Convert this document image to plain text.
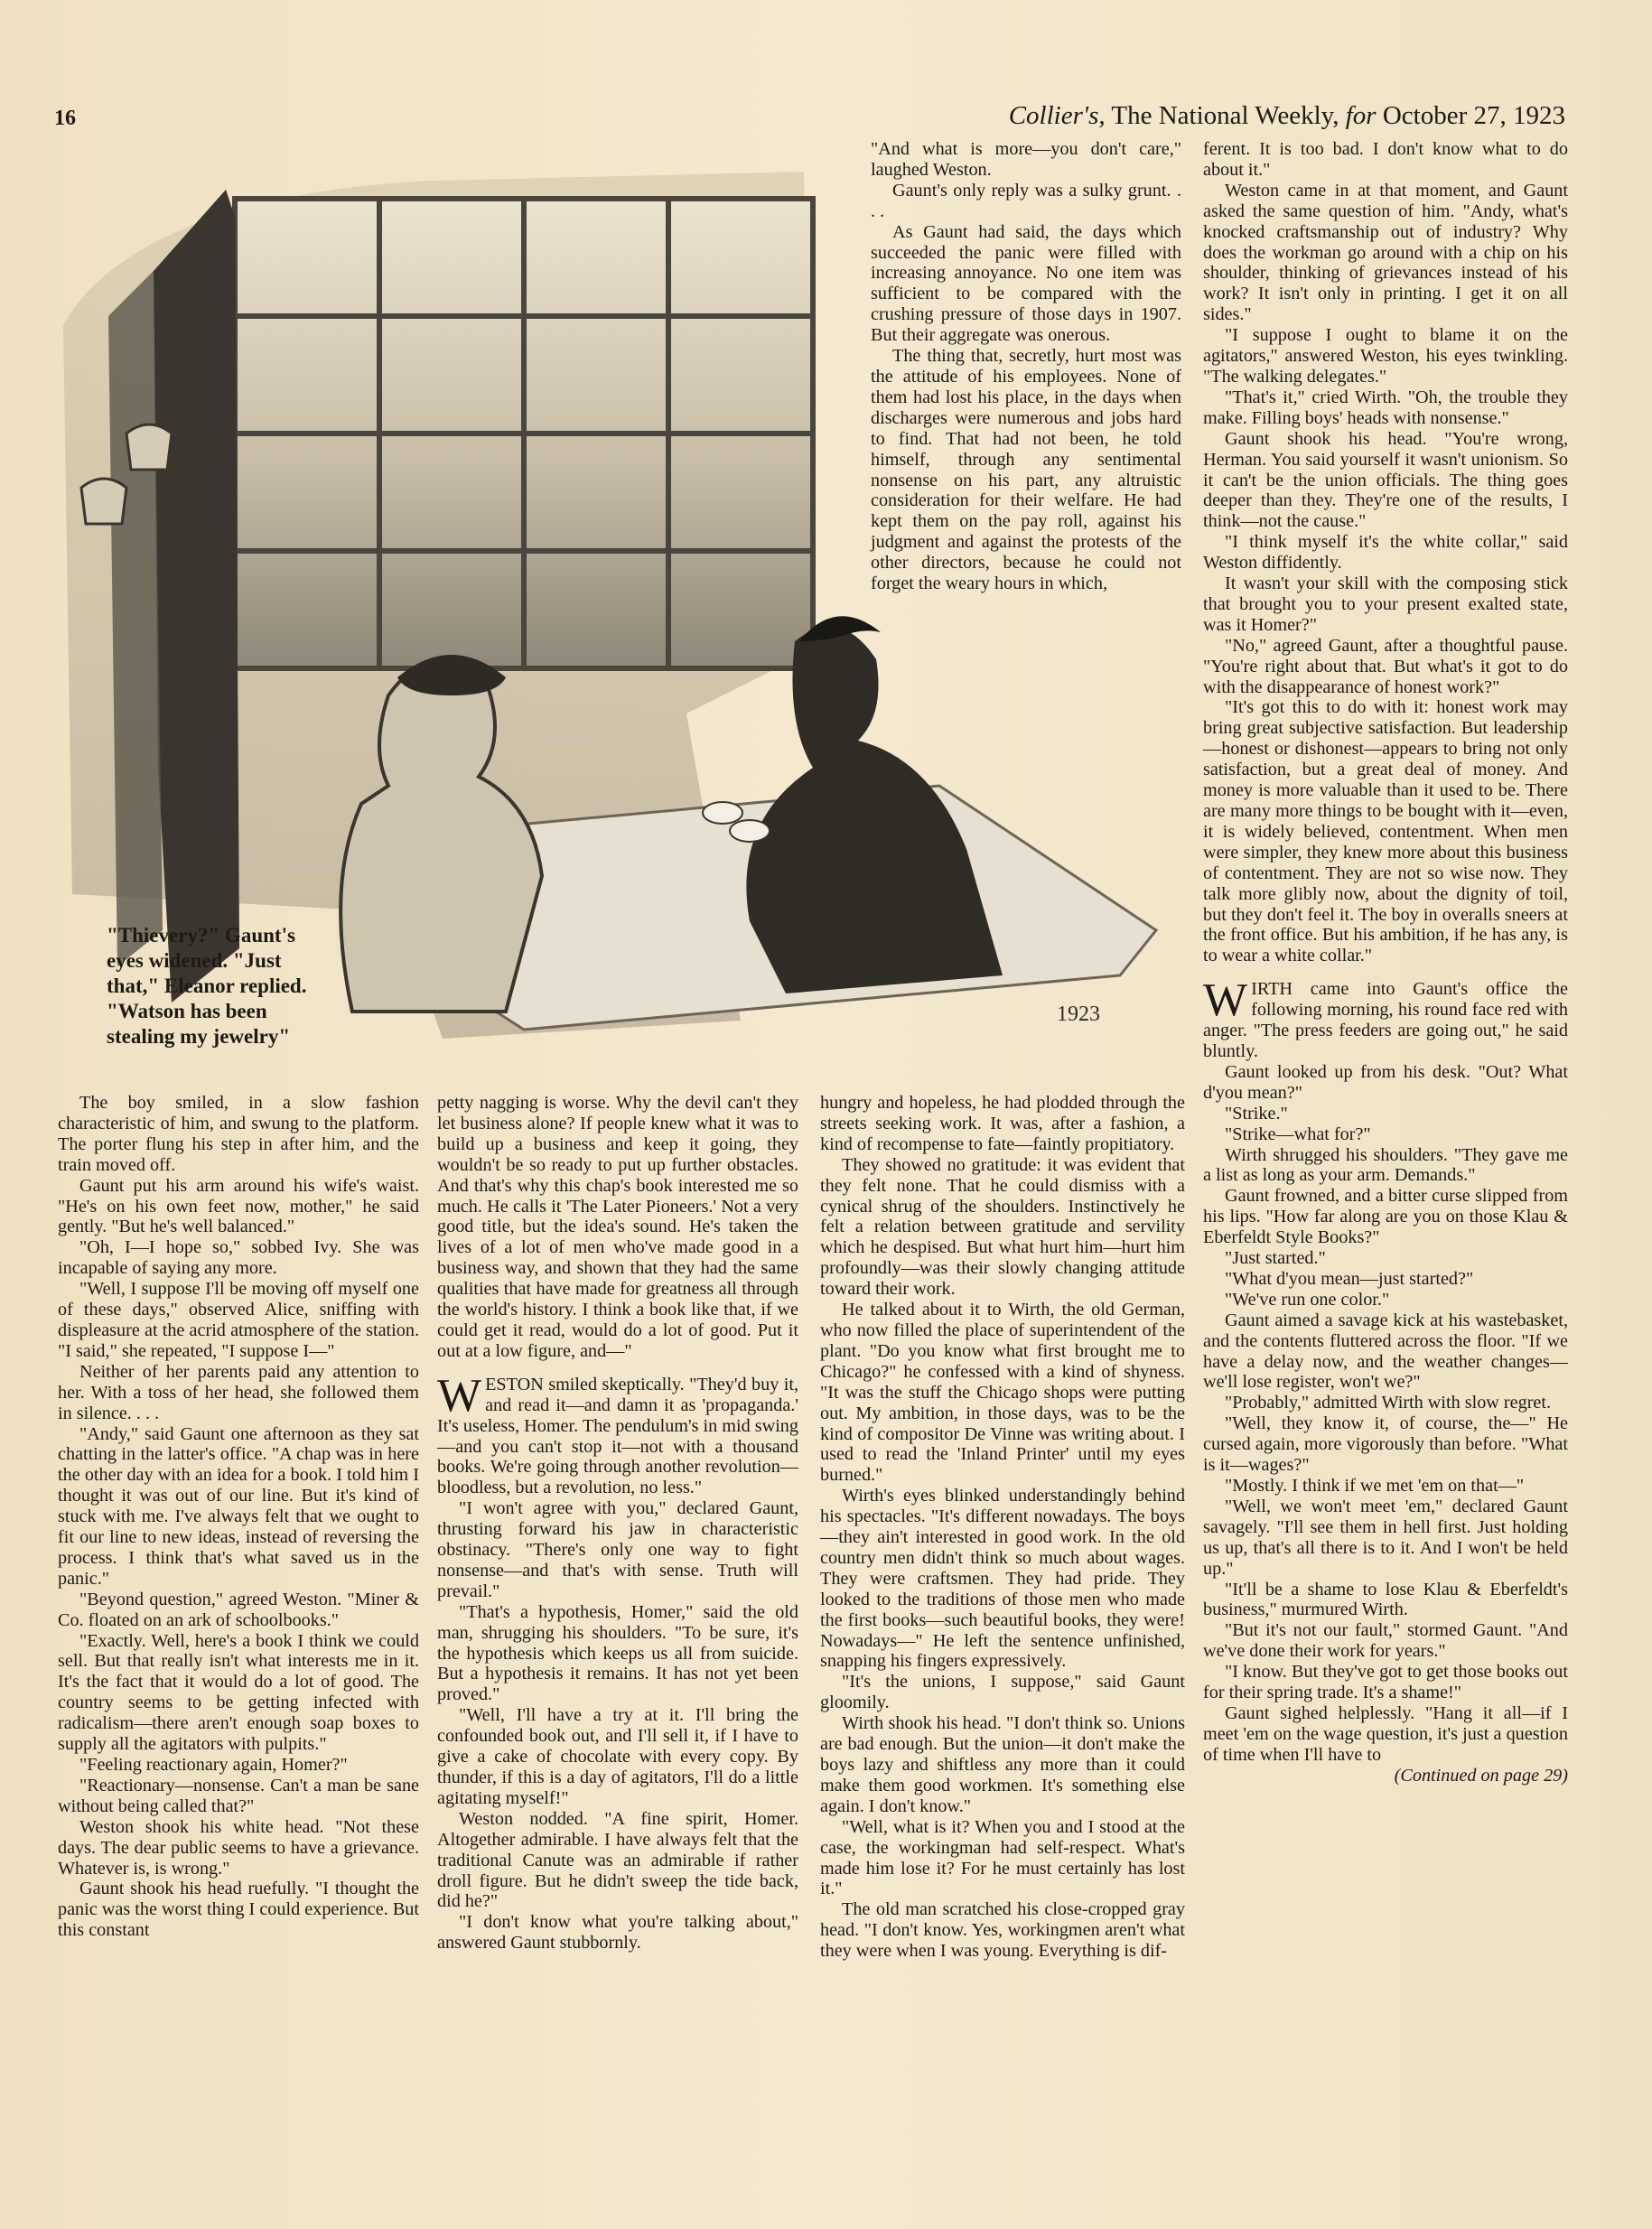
16	Collier's, The National Weekly, for October 27, 1923
1923

"Thievery?" Gaunt's eyes widened. "Just that," Eleanor replied. "Watson has been stealing my jewelry"

"And what is more—you don't care," laughed Weston.

Gaunt's only reply was a sulky grunt. . . .

As Gaunt had said, the days which succeeded the panic were filled with increasing annoyance. No one item was sufficient to be compared with the crushing pressure of those days in 1907. But their aggregate was onerous.

The thing that, secretly, hurt most was the attitude of his employees. None of them had lost his place, in the days when discharges were numerous and jobs hard to find. That had not been, he told himself, through any sentimental nonsense on his part, any altruistic consideration for their welfare. He had kept them on the pay roll, against his judgment and against the protests of the other directors, because he could not forget the weary hours in which,

ferent. It is too bad. I don't know what to do about it."

Weston came in at that moment, and Gaunt asked the same question of him. "Andy, what's knocked craftsmanship out of industry? Why does the workman go around with a chip on his shoulder, thinking of grievances instead of his work? It isn't only in printing. I get it on all sides."

"I suppose I ought to blame it on the agitators," answered Weston, his eyes twinkling. "The walking delegates."

"That's it," cried Wirth. "Oh, the trouble they make. Filling boys' heads with nonsense."

Gaunt shook his head. "You're wrong, Herman. You said yourself it wasn't unionism. So it can't be the union officials. The thing goes deeper than they. They're one of the results, I think—not the cause."

"I think myself it's the white collar," said Weston diffidently.

It wasn't your skill with the composing stick that brought you to your present exalted state, was it Homer?"

"No," agreed Gaunt, after a thoughtful pause. "You're right about that. But what's it got to do with the disappearance of honest work?"

"It's got this to do with it: honest work may bring great subjective satisfaction. But leadership—honest or dishonest—appears to bring not only satisfaction, but a great deal of money. And money is more valuable than it used to be. There are many more things to be bought with it—even, it is widely believed, contentment. When men were simpler, they knew more about this business of contentment. They are not so wise now. They talk more glibly now, about the dignity of toil, but they don't feel it. The boy in overalls sneers at the front office. But his ambition, if he has any, is to wear a white collar."

WIRTH came into Gaunt's office the following morning, his round face red with anger. "The press feeders are going out," he said bluntly.

Gaunt looked up from his desk. "Out? What d'you mean?"

"Strike."

"Strike—what for?"

Wirth shrugged his shoulders. "They gave me a list as long as your arm. Demands."

Gaunt frowned, and a bitter curse slipped from his lips. "How far along are you on those Klau & Eberfeldt Style Books?"

"Just started."

"What d'you mean—just started?"

"We've run one color."

Gaunt aimed a savage kick at his wastebasket, and the contents fluttered across the floor. "If we have a delay now, and the weather changes—we'll lose register, won't we?"

"Probably," admitted Wirth with slow regret.

"Well, they know it, of course, the—" He cursed again, more vigorously than before. "What is it—wages?"

"Mostly. I think if we met 'em on that—"

"Well, we won't meet 'em," declared Gaunt savagely. "I'll see them in hell first. Just holding us up, that's all there is to it. And I won't be held up."

"It'll be a shame to lose Klau & Eberfeldt's business," murmured Wirth.

"But it's not our fault," stormed Gaunt. "And we've done their work for years."

"I know. But they've got to get those books out for their spring trade. It's a shame!"

Gaunt sighed helplessly. "Hang it all—if I meet 'em on the wage question, it's just a question of time when I'll have to
(Continued on page 29)

The boy smiled, in a slow fashion characteristic of him, and swung to the platform. The porter flung his step in after him, and the train moved off.

Gaunt put his arm around his wife's waist. "He's on his own feet now, mother," he said gently. "But he's well balanced."

"Oh, I—I hope so," sobbed Ivy. She was incapable of saying any more.

"Well, I suppose I'll be moving off myself one of these days," observed Alice, sniffing with displeasure at the acrid atmosphere of the station. "I said," she repeated, "I suppose I—"

Neither of her parents paid any attention to her. With a toss of her head, she followed them in silence. . . .

"Andy," said Gaunt one afternoon as they sat chatting in the latter's office. "A chap was in here the other day with an idea for a book. I told him I thought it was out of our line. But it's kind of stuck with me. I've always felt that we ought to fit our line to new ideas, instead of reversing the process. I think that's what saved us in the panic."

"Beyond question," agreed Weston. "Miner & Co. floated on an ark of schoolbooks."

"Exactly. Well, here's a book I think we could sell. But that really isn't what interests me in it. It's the fact that it would do a lot of good. The country seems to be getting infected with radicalism—there aren't enough soap boxes to supply all the agitators with pulpits."

"Feeling reactionary again, Homer?"

"Reactionary—nonsense. Can't a man be sane without being called that?"

Weston shook his white head. "Not these days. The dear public seems to have a grievance. Whatever is, is wrong."

Gaunt shook his head ruefully. "I thought the panic was the worst thing I could experience. But this constant

petty nagging is worse. Why the devil can't they let business alone? If people knew what it was to build up a business and keep it going, they wouldn't be so ready to put up further obstacles. And that's why this chap's book interested me so much. He calls it 'The Later Pioneers.' Not a very good title, but the idea's sound. He's taken the lives of a lot of men who've made good in a business way, and shown that they had the same qualities that have made for greatness all through the world's history. I think a book like that, if we could get it read, would do a lot of good. Put it out at a low figure, and—"

WESTON smiled skeptically. "They'd buy it, and read it—and damn it as 'propaganda.' It's useless, Homer. The pendulum's in mid swing—and you can't stop it—not with a thousand books. We're going through another revolution—bloodless, but a revolution, no less."

"I won't agree with you," declared Gaunt, thrusting forward his jaw in characteristic obstinacy. "There's only one way to fight nonsense—and that's with sense. Truth will prevail."

"That's a hypothesis, Homer," said the old man, shrugging his shoulders. "To be sure, it's the hypothesis which keeps us all from suicide. But a hypothesis it remains. It has not yet been proved."

"Well, I'll have a try at it. I'll bring the confounded book out, and I'll sell it, if I have to give a cake of chocolate with every copy. By thunder, if this is a day of agitators, I'll do a little agitating myself!"

Weston nodded. "A fine spirit, Homer. Altogether admirable. I have always felt that the traditional Canute was an admirable if rather droll figure. But he didn't sweep the tide back, did he?"

"I don't know what you're talking about," answered Gaunt stubbornly.

hungry and hopeless, he had plodded through the streets seeking work. It was, after a fashion, a kind of recompense to fate—faintly propitiatory.

They showed no gratitude: it was evident that they felt none. That he could dismiss with a cynical shrug of the shoulders. Instinctively he felt a relation between gratitude and servility which he despised. But what hurt him—hurt him profoundly—was their slowly changing attitude toward their work.

He talked about it to Wirth, the old German, who now filled the place of superintendent of the plant. "Do you know what first brought me to Chicago?" he confessed with a kind of shyness. "It was the stuff the Chicago shops were putting out. My ambition, in those days, was to be the kind of compositor De Vinne was writing about. I used to read the 'Inland Printer' until my eyes burned."

Wirth's eyes blinked understandingly behind his spectacles. "It's different nowadays. The boys—they ain't interested in good work. In the old country men didn't think so much about wages. They were craftsmen. They had pride. They looked to the traditions of those men who made the first books—such beautiful books, they were! Nowadays—" He left the sentence unfinished, snapping his fingers expressively.

"It's the unions, I suppose," said Gaunt gloomily.

Wirth shook his head. "I don't think so. Unions are bad enough. But the union—it don't make the boys lazy and shiftless any more than it could make them good workmen. It's something else again. I don't know."

"Well, what is it? When you and I stood at the case, the workingman had self-respect. What's made him lose it? For he must certainly has lost it."

The old man scratched his close-cropped gray head. "I don't know. Yes, workingmen aren't what they were when I was young. Everything is dif-
